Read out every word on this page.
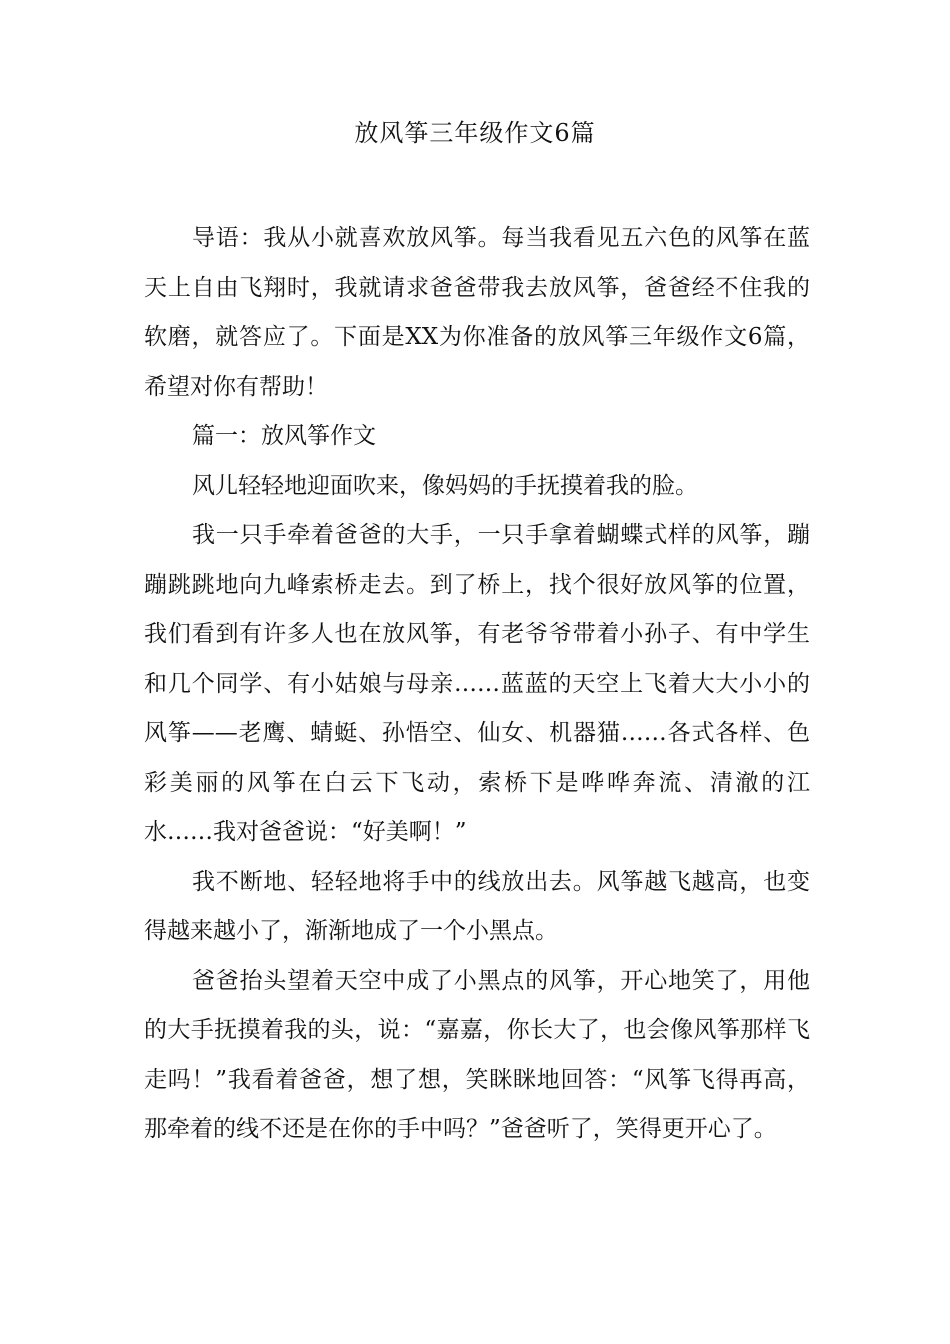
放风筝三年级作文6篇

导语：我从小就喜欢放风筝。每当我看见五六色的风筝在蓝天上自由飞翔时，我就请求爸爸带我去放风筝，爸爸经不住我的软磨，就答应了。下面是XX为你准备的放风筝三年级作文6篇，希望对你有帮助！

篇一：放风筝作文

风儿轻轻地迎面吹来，像妈妈的手抚摸着我的脸。

我一只手牵着爸爸的大手，一只手拿着蝴蝶式样的风筝，蹦蹦跳跳地向九峰索桥走去。到了桥上，找个很好放风筝的位置，我们看到有许多人也在放风筝，有老爷爷带着小孙子、有中学生和几个同学、有小姑娘与母亲……蓝蓝的天空上飞着大大小小的风筝——老鹰、蜻蜓、孙悟空、仙女、机器猫……各式各样、色彩美丽的风筝在白云下飞动，索桥下是哗哗奔流、清澈的江水……我对爸爸说：“好美啊！”

我不断地、轻轻地将手中的线放出去。风筝越飞越高，也变得越来越小了，渐渐地成了一个小黑点。

爸爸抬头望着天空中成了小黑点的风筝，开心地笑了，用他的大手抚摸着我的头，说：“嘉嘉，你长大了，也会像风筝那样飞走吗！”我看着爸爸，想了想，笑眯眯地回答：“风筝飞得再高，那牵着的线不还是在你的手中吗？”爸爸听了，笑得更开心了。
